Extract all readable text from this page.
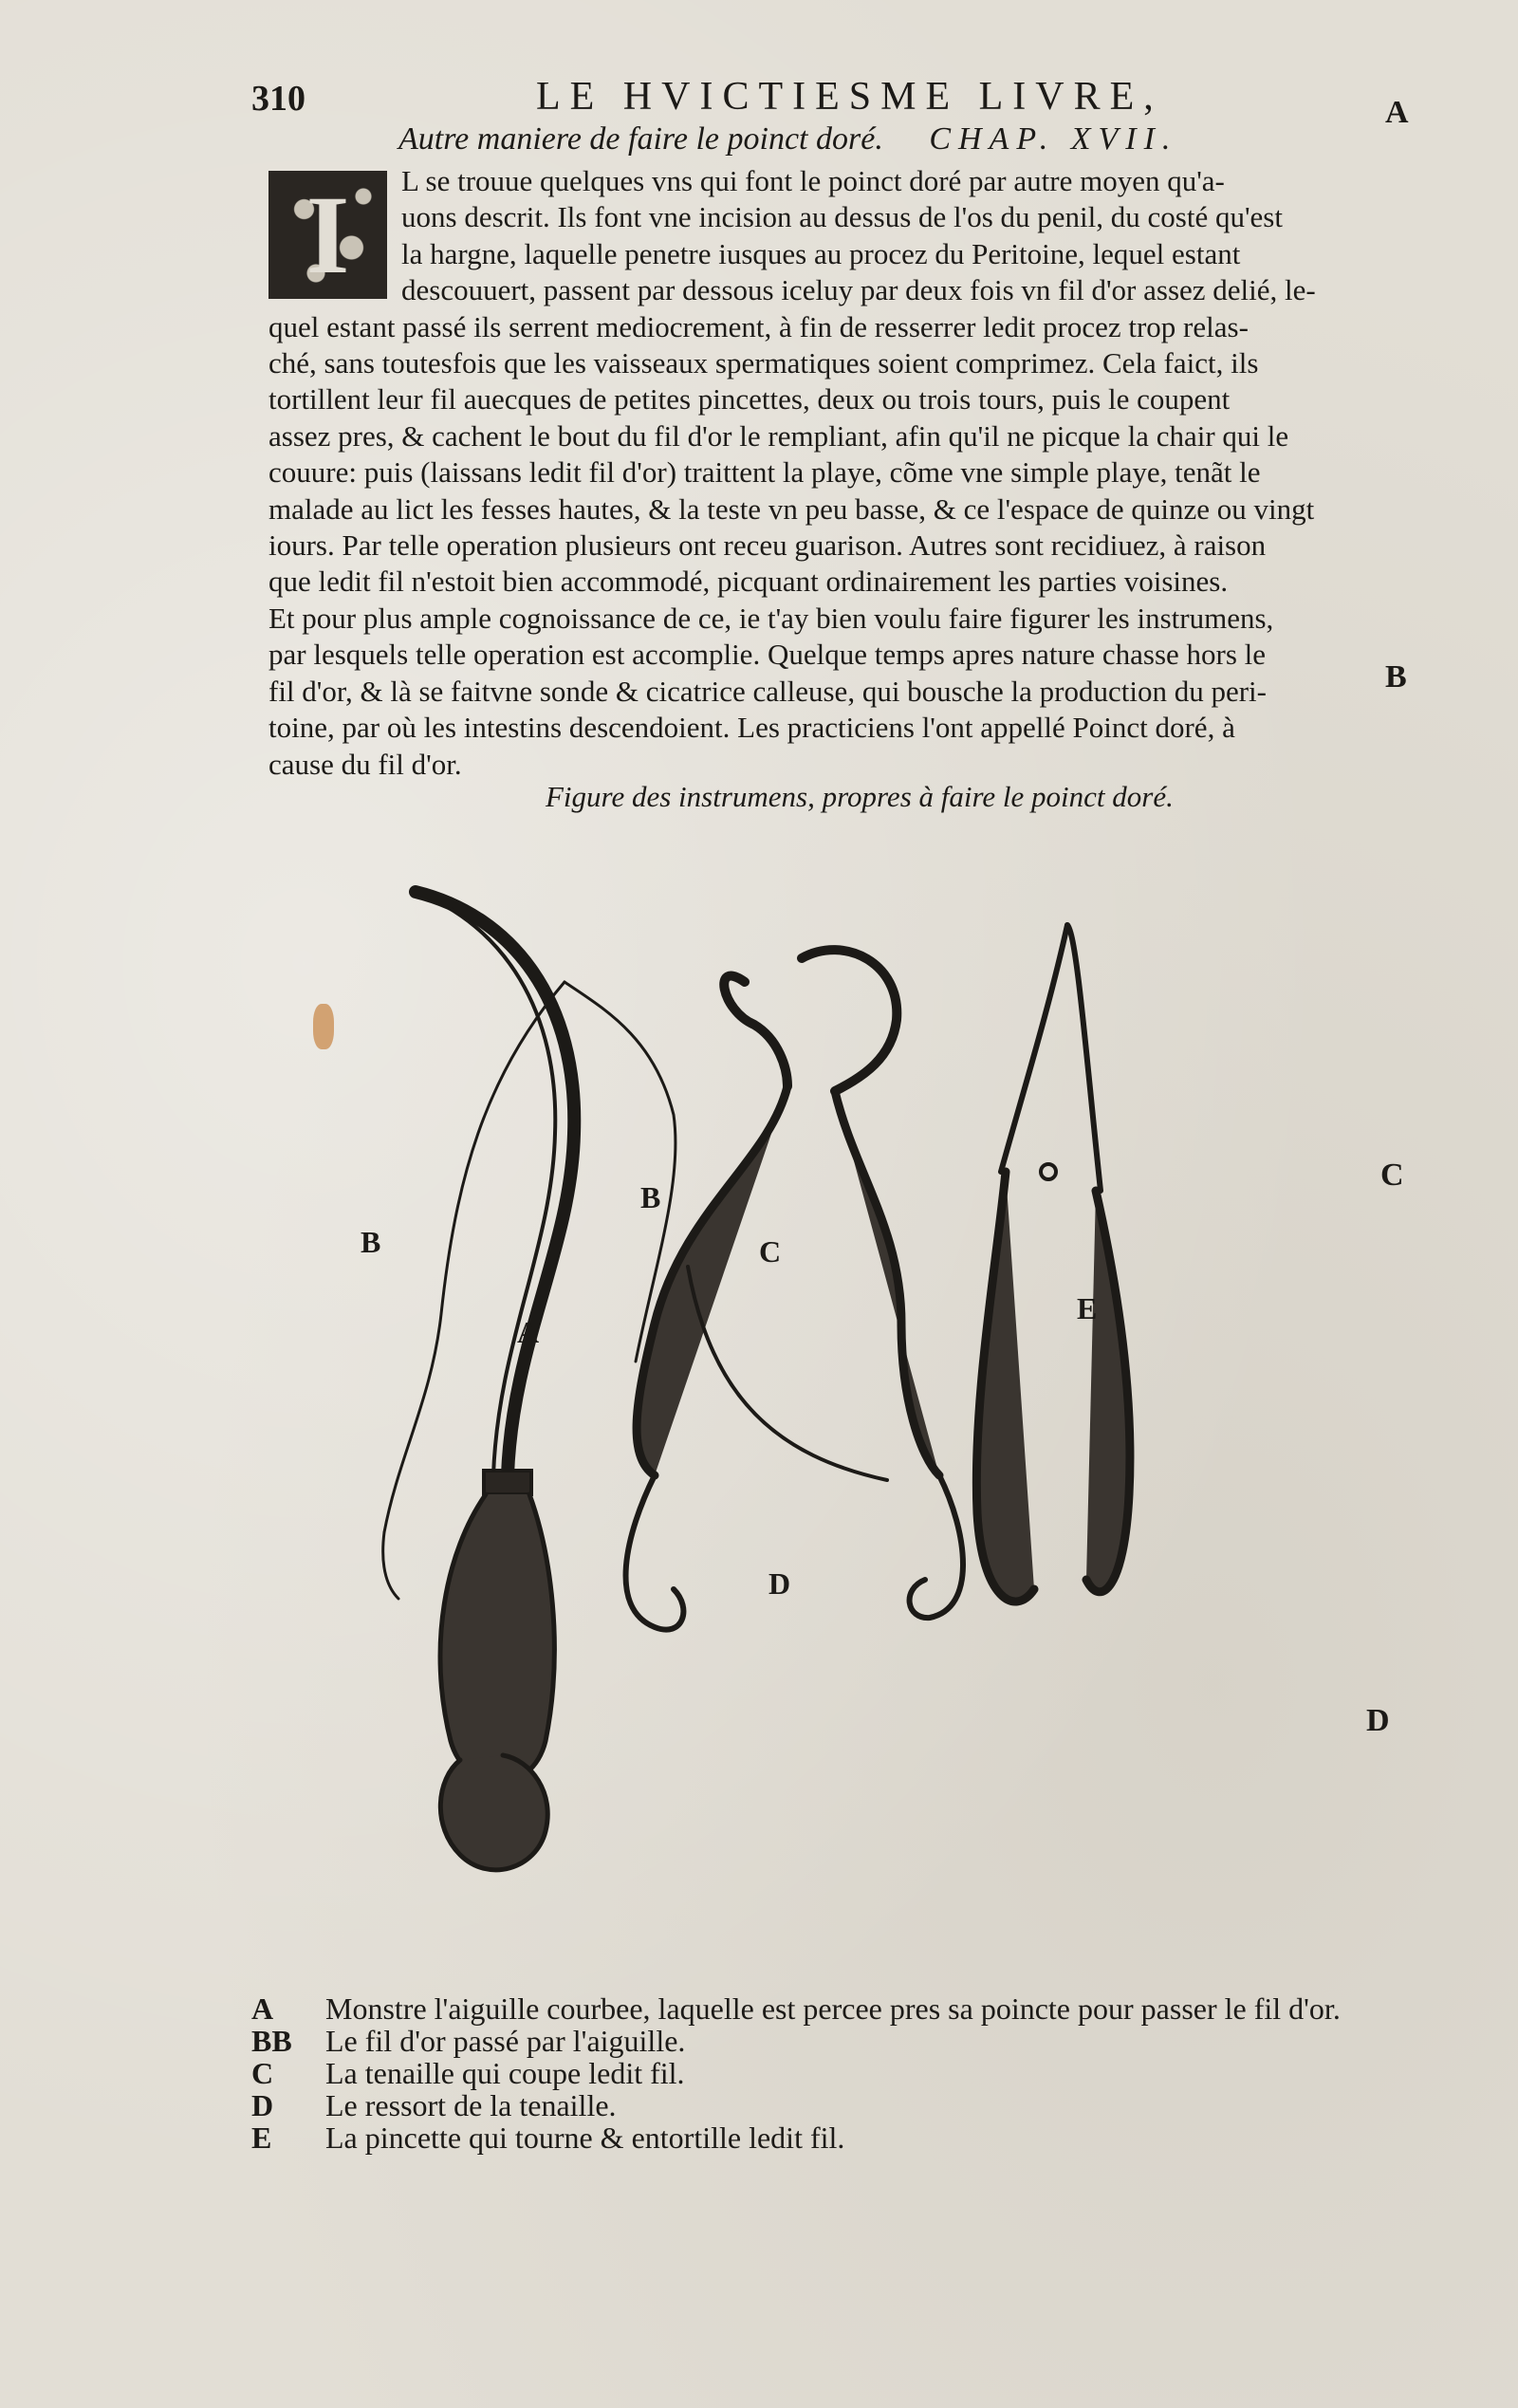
310	LE HVICTIESME LIVRE,	A
B
C
D
Autre maniere de faire le poinct doré. CHAP. XVII.
I	L se trouue quelques vns qui font le poinct doré par autre moyen qu'a-
uons descrit. Ils font vne incision au dessus de l'os du penil, du costé qu'est
la hargne, laquelle penetre iusques au procez du Peritoine, lequel estant
descouuert, passent par dessous iceluy par deux fois vn fil d'or assez delié, le-
quel estant passé ils serrent mediocrement, à fin de resserrer ledit procez trop relas-
ché, sans toutesfois que les vaisseaux spermatiques soient comprimez. Cela faict, ils
tortillent leur fil auecques de petites pincettes, deux ou trois tours, puis le coupent
assez pres, & cachent le bout du fil d'or le rempliant, afin qu'il ne picque la chair qui le
couure: puis (laissans ledit fil d'or) traittent la playe, cõme vne simple playe, tenãt le
malade au lict les fesses hautes, & la teste vn peu basse, & ce l'espace de quinze ou vingt
iours. Par telle operation plusieurs ont receu guarison. Autres sont recidiuez, à raison
que ledit fil n'estoit bien accommodé, picquant ordinairement les parties voisines.
Et pour plus ample cognoissance de ce, ie t'ay bien voulu faire figurer les instrumens,
par lesquels telle operation est accomplie. Quelque temps apres nature chasse hors le
fil d'or, & là se faitvne sonde & cicatrice calleuse, qui bousche la production du peri-
toine, par où les intestins descendoient. Les practiciens l'ont appellé Poinct doré, à
cause du fil d'or.
Figure des instrumens, propres à faire le poinct doré.
A
B
B
C
D
E
A	Monstre l'aiguille courbee, laquelle est percee pres sa poincte pour passer le fil d'or.
BB	Le fil d'or passé par l'aiguille.
C	La tenaille qui coupe ledit fil.
D	Le ressort de la tenaille.
E	La pincette qui tourne & entortille ledit fil.
